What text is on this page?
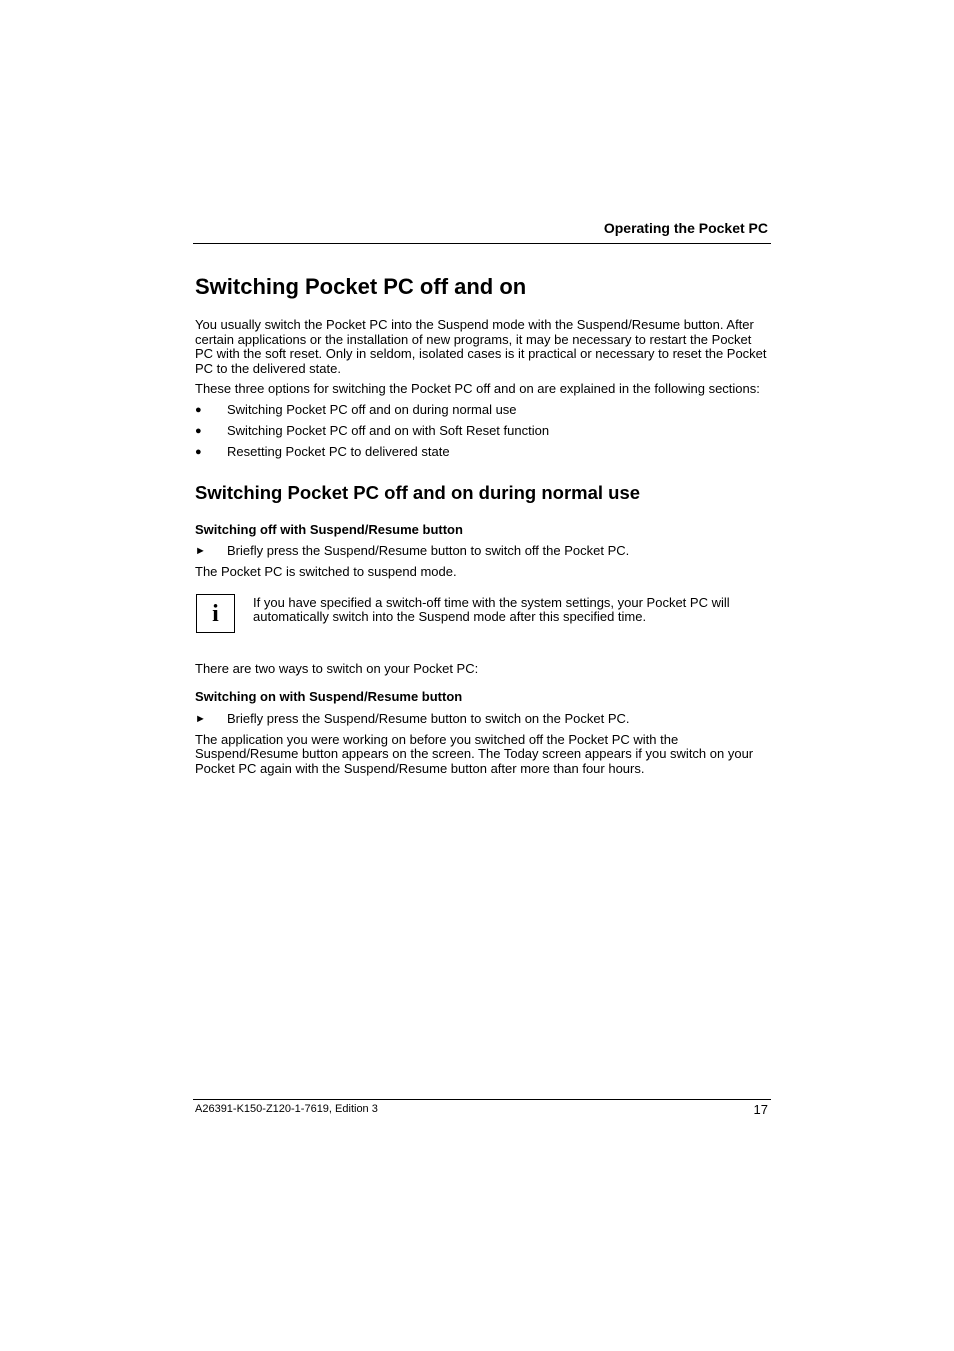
Operating the Pocket PC
Switching Pocket PC off and on

You usually switch the Pocket PC into the Suspend mode with the Suspend/Resume button. After certain applications or the installation of new programs, it may be necessary to restart the Pocket PC with the soft reset. Only in seldom, isolated cases is it practical or necessary to reset the Pocket PC to the delivered state.

These three options for switching the Pocket PC off and on are explained in the following sections:

●	Switching Pocket PC off and on during normal use
●	Switching Pocket PC off and on with Soft Reset function
●	Resetting Pocket PC to delivered state
Switching Pocket PC off and on during normal use
Switching off with Suspend/Resume button
►	Briefly press the Suspend/Resume button to switch off the Pocket PC.

The Pocket PC is switched to suspend mode.

i	If you have specified a switch-off time with the system settings, your Pocket PC will automatically switch into the Suspend mode after this specified time.

There are two ways to switch on your Pocket PC:

Switching on with Suspend/Resume button
►	Briefly press the Suspend/Resume button to switch on the Pocket PC.

The application you were working on before you switched off the Pocket PC with the Suspend/Resume button appears on the screen. The Today screen appears if you switch on your Pocket PC again with the Suspend/Resume button after more than four hours.

A26391-K150-Z120-1-7619, Edition 3	17
